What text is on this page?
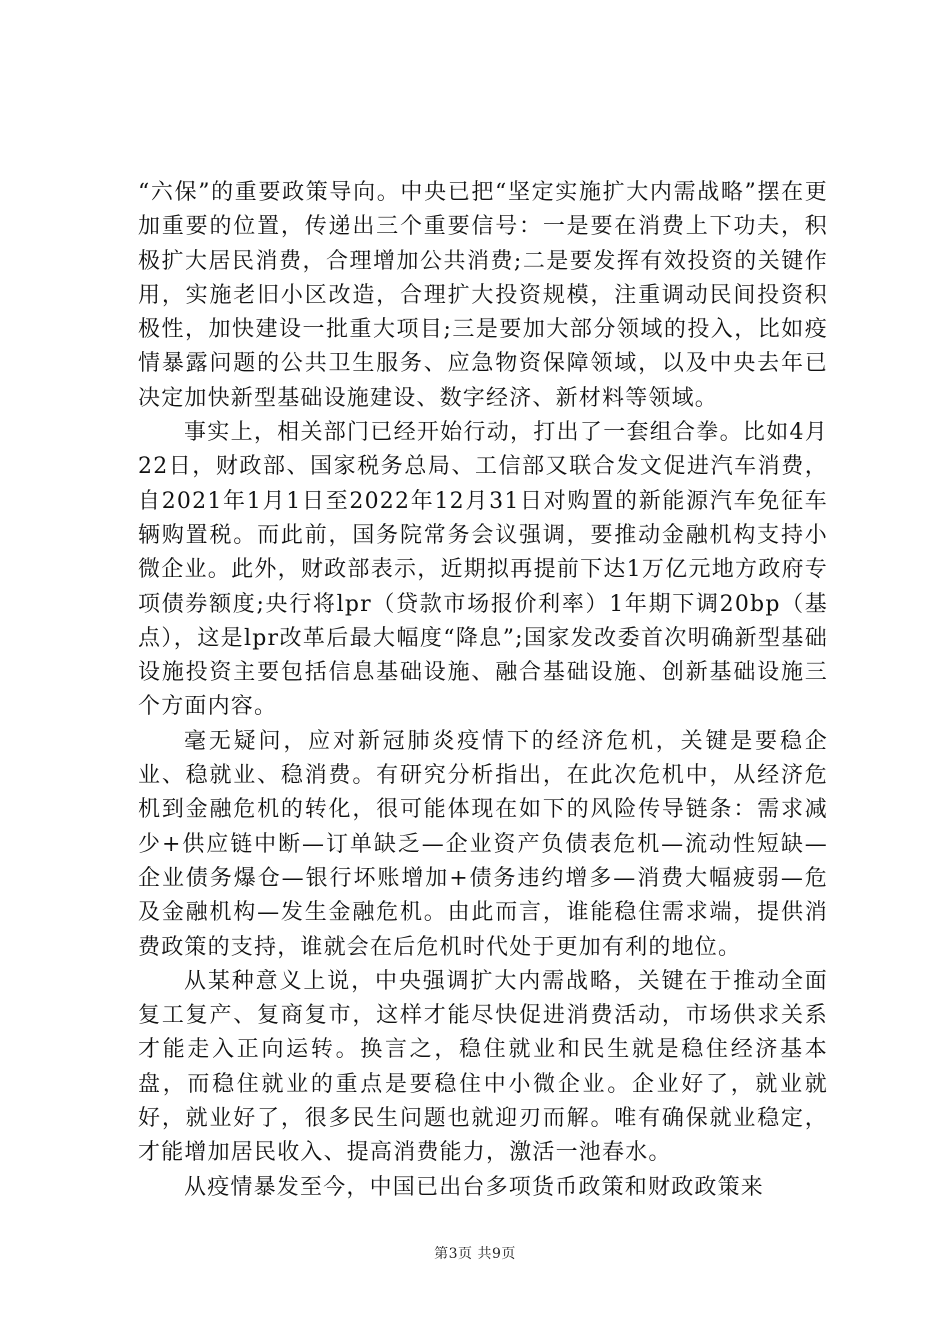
“六保”的重要政策导向。中央已把“坚定实施扩大内需战略”摆在更加重要的位置，传递出三个重要信号：一是要在消费上下功夫，积极扩大居民消费，合理增加公共消费;二是要发挥有效投资的关键作用，实施老旧小区改造，合理扩大投资规模，注重调动民间投资积极性，加快建设一批重大项目;三是要加大部分领域的投入，比如疫情暴露问题的公共卫生服务、应急物资保障领域，以及中央去年已决定加快新型基础设施建设、数字经济、新材料等领域。

事实上，相关部门已经开始行动，打出了一套组合拳。比如4月22日，财政部、国家税务总局、工信部又联合发文促进汽车消费，自2021年1月1日至2022年12月31日对购置的新能源汽车免征车辆购置税。而此前，国务院常务会议强调，要推动金融机构支持小微企业。此外，财政部表示，近期拟再提前下达1万亿元地方政府专项债券额度;央行将lpr（贷款市场报价利率）1年期下调20bp（基点），这是lpr改革后最大幅度“降息”;国家发改委首次明确新型基础设施投资主要包括信息基础设施、融合基础设施、创新基础设施三个方面内容。

毫无疑问，应对新冠肺炎疫情下的经济危机，关键是要稳企业、稳就业、稳消费。有研究分析指出，在此次危机中，从经济危机到金融危机的转化，很可能体现在如下的风险传导链条：需求减少+供应链中断—订单缺乏—企业资产负债表危机—流动性短缺—企业债务爆仓—银行坏账增加+债务违约增多—消费大幅疲弱—危及金融机构—发生金融危机。由此而言，谁能稳住需求端，提供消费政策的支持，谁就会在后危机时代处于更加有利的地位。

从某种意义上说，中央强调扩大内需战略，关键在于推动全面复工复产、复商复市，这样才能尽快促进消费活动，市场供求关系才能走入正向运转。换言之，稳住就业和民生就是稳住经济基本盘，而稳住就业的重点是要稳住中小微企业。企业好了，就业就好，就业好了，很多民生问题也就迎刃而解。唯有确保就业稳定，才能增加居民收入、提高消费能力，激活一池春水。

从疫情暴发至今，中国已出台多项货币政策和财政政策来

第3页 共9页
